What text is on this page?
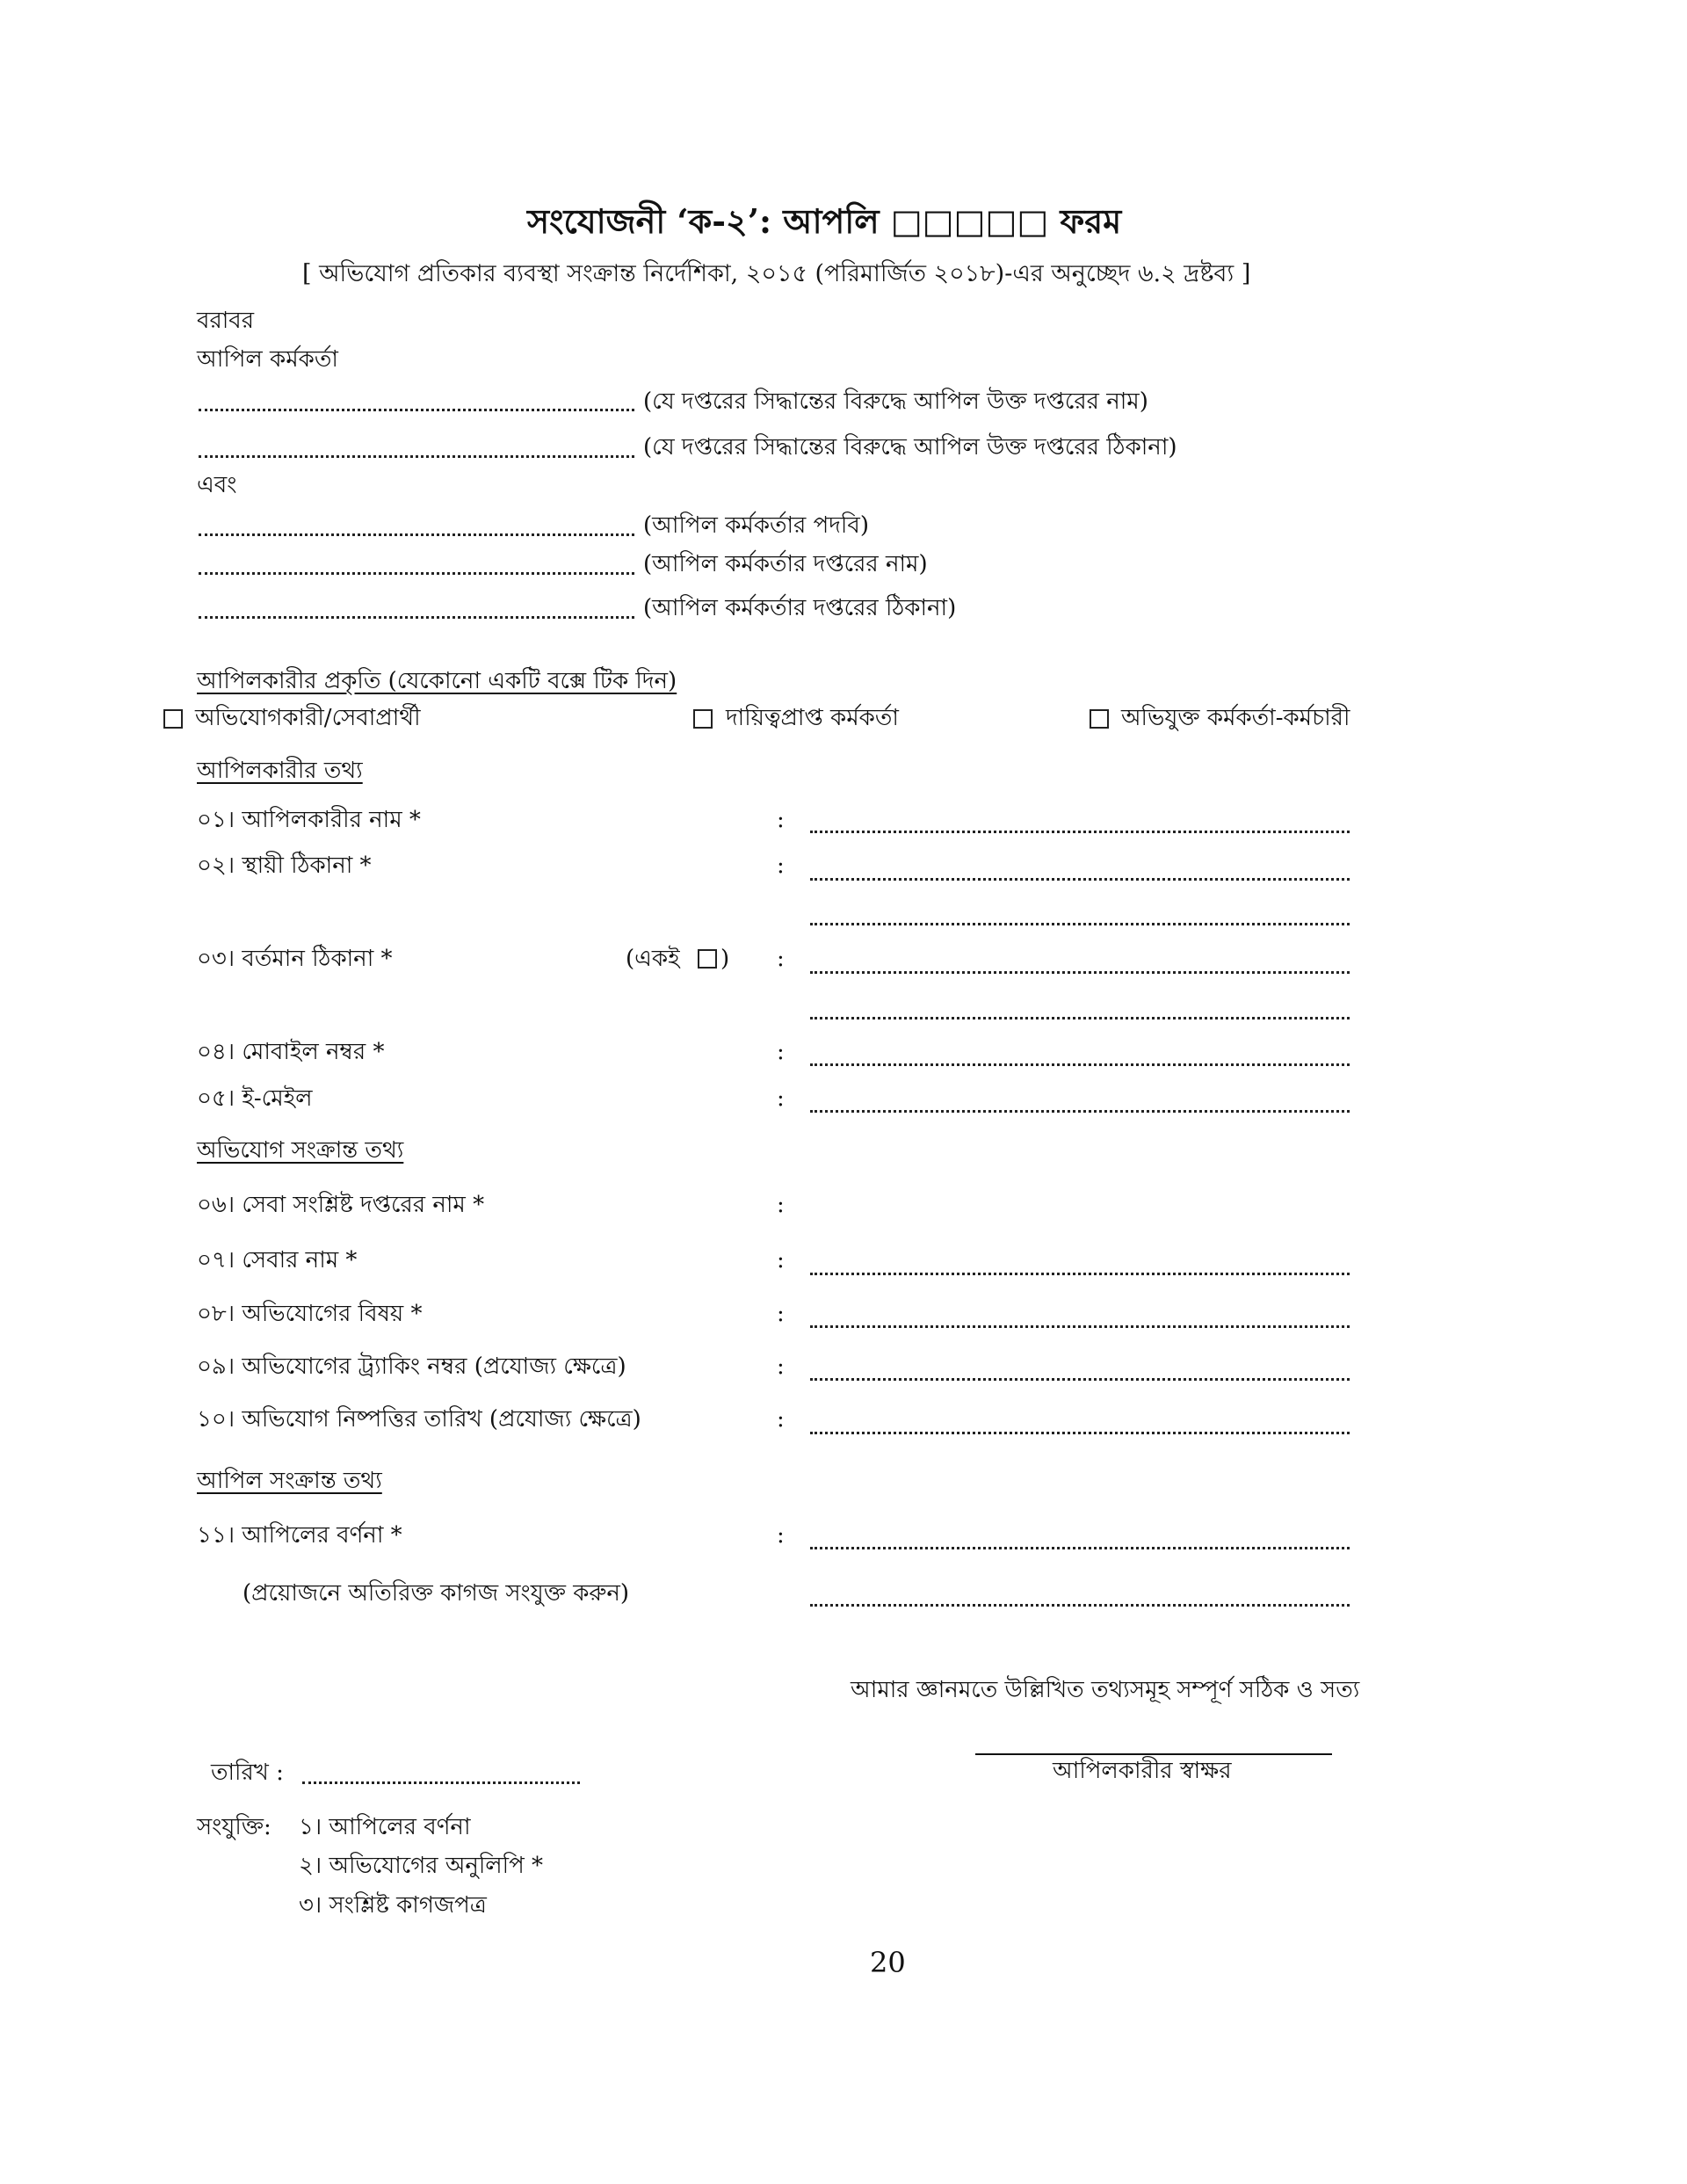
সংযোজনী ‘ক-২’: আপলি □□□□□ ফরম
[ অভিযোগ প্রতিকার ব্যবস্থা সংক্রান্ত নির্দেশিকা, ২০১৫ (পরিমার্জিত ২০১৮)-এর অনুচ্ছেদ ৬.২ দ্রষ্টব্য ]
বরাবর
আপিল কর্মকর্তা
(যে দপ্তরের সিদ্ধান্তের বিরুদ্ধে আপিল উক্ত দপ্তরের নাম)
(যে দপ্তরের সিদ্ধান্তের বিরুদ্ধে আপিল উক্ত দপ্তরের ঠিকানা)
এবং
(আপিল কর্মকর্তার পদবি)
(আপিল কর্মকর্তার দপ্তরের নাম)
(আপিল কর্মকর্তার দপ্তরের ঠিকানা)
আপিলকারীর প্রকৃতি (যেকোনো একটি বক্সে টিক দিন)
অভিযোগকারী/সেবাপ্রার্থী	দায়িত্বপ্রাপ্ত কর্মকর্তা	অভিযুক্ত কর্মকর্তা-কর্মচারী
আপিলকারীর তথ্য
০১। আপিলকারীর নাম *	:
০২। স্থায়ী ঠিকানা *	:
০৩। বর্তমান ঠিকানা *	(একই ) :
০৪। মোবাইল নম্বর *	:
০৫। ই-মেইল	:
অভিযোগ সংক্রান্ত তথ্য
০৬। সেবা সংশ্লিষ্ট দপ্তরের নাম *	:
০৭। সেবার নাম *	:
০৮। অভিযোগের বিষয় *	:
০৯। অভিযোগের ট্র্যাকিং নম্বর (প্রযোজ্য ক্ষেত্রে)	:
১০। অভিযোগ নিষ্পত্তির তারিখ (প্রযোজ্য ক্ষেত্রে)	:
আপিল সংক্রান্ত তথ্য
১১। আপিলের বর্ণনা *	:
(প্রয়োজনে অতিরিক্ত কাগজ সংযুক্ত করুন)
আমার জ্ঞানমতে উল্লিখিত তথ্যসমূহ সম্পূর্ণ সঠিক ও সত্য
আপিলকারীর স্বাক্ষর
তারিখ :
সংযুক্তি: ১। আপিলের বর্ণনা
২। অভিযোগের অনুলিপি *
৩। সংশ্লিষ্ট কাগজপত্র
20
